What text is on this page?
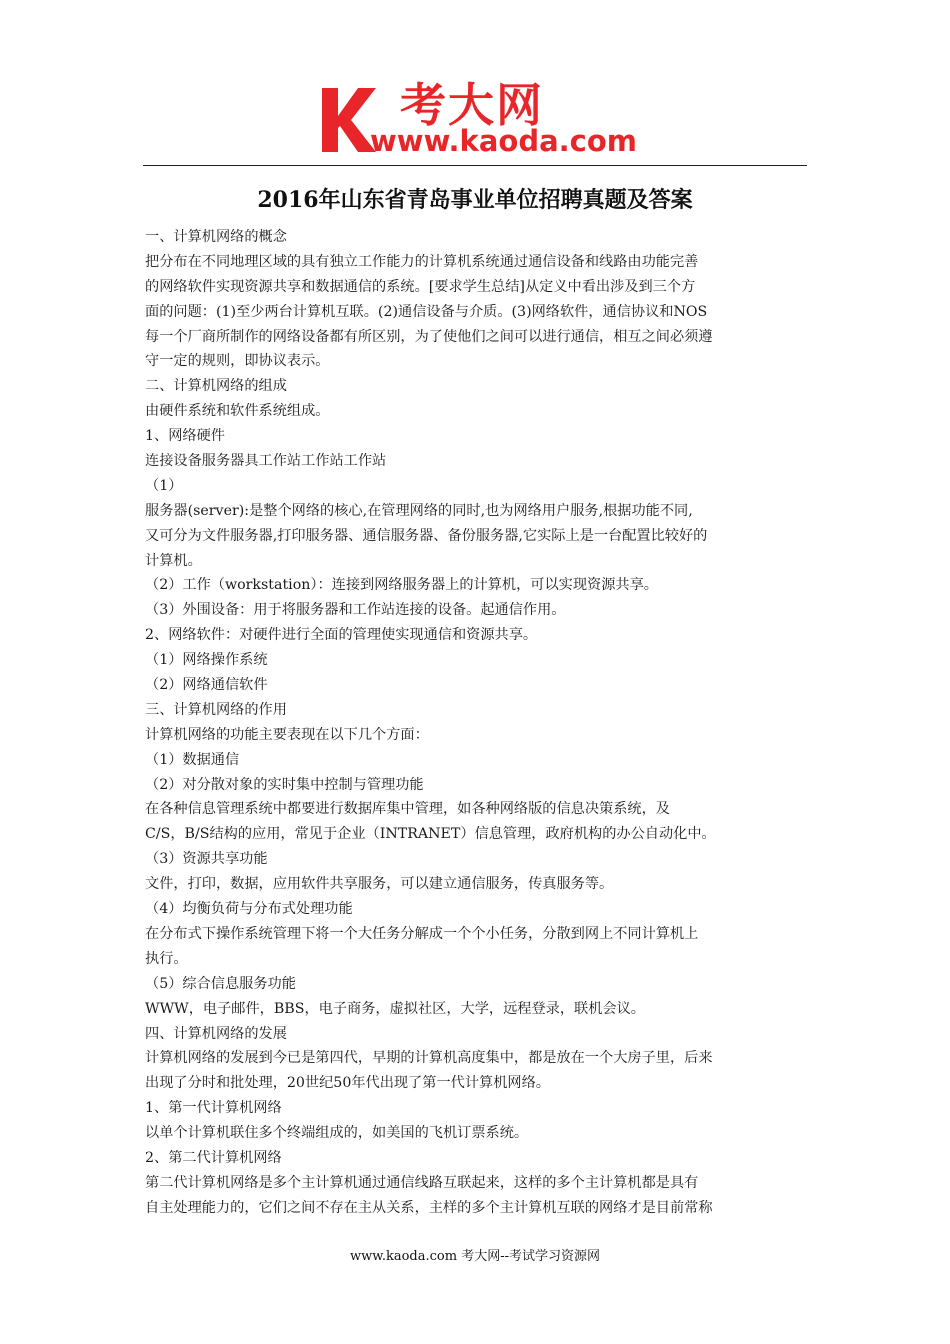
考大网
www.kaoda.com
2016年山东省青岛事业单位招聘真题及答案
一、计算机网络的概念
把分布在不同地理区域的具有独立工作能力的计算机系统通过通信设备和线路由功能完善
的网络软件实现资源共享和数据通信的系统。[要求学生总结]从定义中看出涉及到三个方
面的问题：(1)至少两台计算机互联。(2)通信设备与介质。(3)网络软件，通信协议和NOS
每一个厂商所制作的网络设备都有所区别，为了使他们之间可以进行通信，相互之间必须遵
守一定的规则，即协议表示。
二、计算机网络的组成
由硬件系统和软件系统组成。
1、网络硬件
连接设备服务器具工作站工作站工作站
（1）
服务器(server):是整个网络的核心,在管理网络的同时,也为网络用户服务,根据功能不同,
又可分为文件服务器,打印服务器、通信服务器、备份服务器,它实际上是一台配置比较好的
计算机。
（2）工作（workstation）：连接到网络服务器上的计算机，可以实现资源共享。
（3）外围设备：用于将服务器和工作站连接的设备。起通信作用。
2、网络软件：对硬件进行全面的管理使实现通信和资源共享。
（1）网络操作系统
（2）网络通信软件
三、计算机网络的作用
计算机网络的功能主要表现在以下几个方面：
（1）数据通信
（2）对分散对象的实时集中控制与管理功能
在各种信息管理系统中都要进行数据库集中管理，如各种网络版的信息决策系统，及
C/S，B/S结构的应用，常见于企业（INTRANET）信息管理，政府机构的办公自动化中。
（3）资源共享功能
文件，打印，数据，应用软件共享服务，可以建立通信服务，传真服务等。
（4）均衡负荷与分布式处理功能
在分布式下操作系统管理下将一个大任务分解成一个个小任务，分散到网上不同计算机上
执行。
（5）综合信息服务功能
WWW，电子邮件，BBS，电子商务，虚拟社区，大学，远程登录，联机会议。
四、计算机网络的发展
计算机网络的发展到今已是第四代，早期的计算机高度集中，都是放在一个大房子里，后来
出现了分时和批处理，20世纪50年代出现了第一代计算机网络。
1、第一代计算机网络
以单个计算机联住多个终端组成的，如美国的飞机订票系统。
2、第二代计算机网络
第二代计算机网络是多个主计算机通过通信线路互联起来，这样的多个主计算机都是具有
自主处理能力的，它们之间不存在主从关系，主样的多个主计算机互联的网络才是目前常称
www.kaoda.com 考大网--考试学习资源网
